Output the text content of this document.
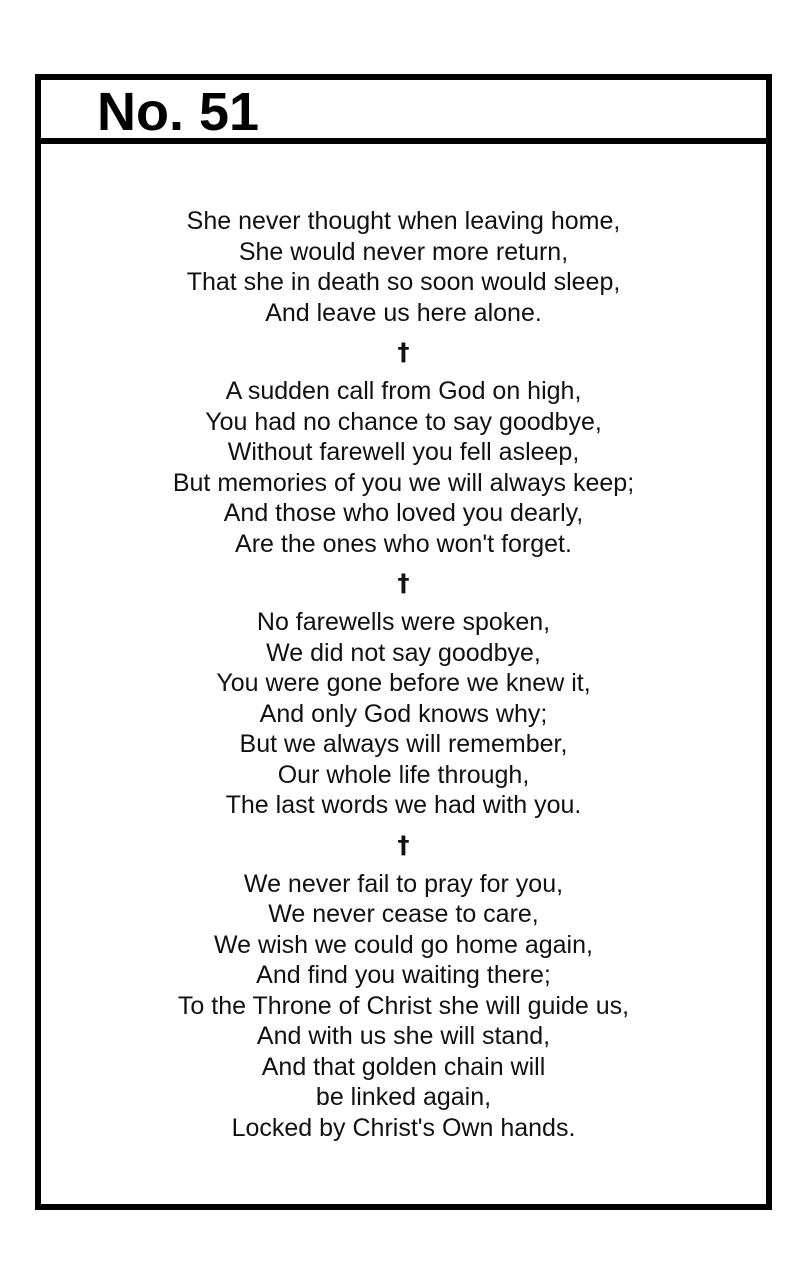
No. 51

She never thought when leaving home,
She would never more return,
That she in death so soon would sleep,
And leave us here alone.

†

A sudden call from God on high,
You had no chance to say goodbye,
Without farewell you fell asleep,
But memories of you we will always keep;
And those who loved you dearly,
Are the ones who won't forget.

†

No farewells were spoken,
We did not say goodbye,
You were gone before we knew it,
And only God knows why;
But we always will remember,
Our whole life through,
The last words we had with you.

†

We never fail to pray for you,
We never cease to care,
We wish we could go home again,
And find you waiting there;
To the Throne of Christ she will guide us,
And with us she will stand,
And that golden chain will
be linked again,
Locked by Christ's Own hands.
